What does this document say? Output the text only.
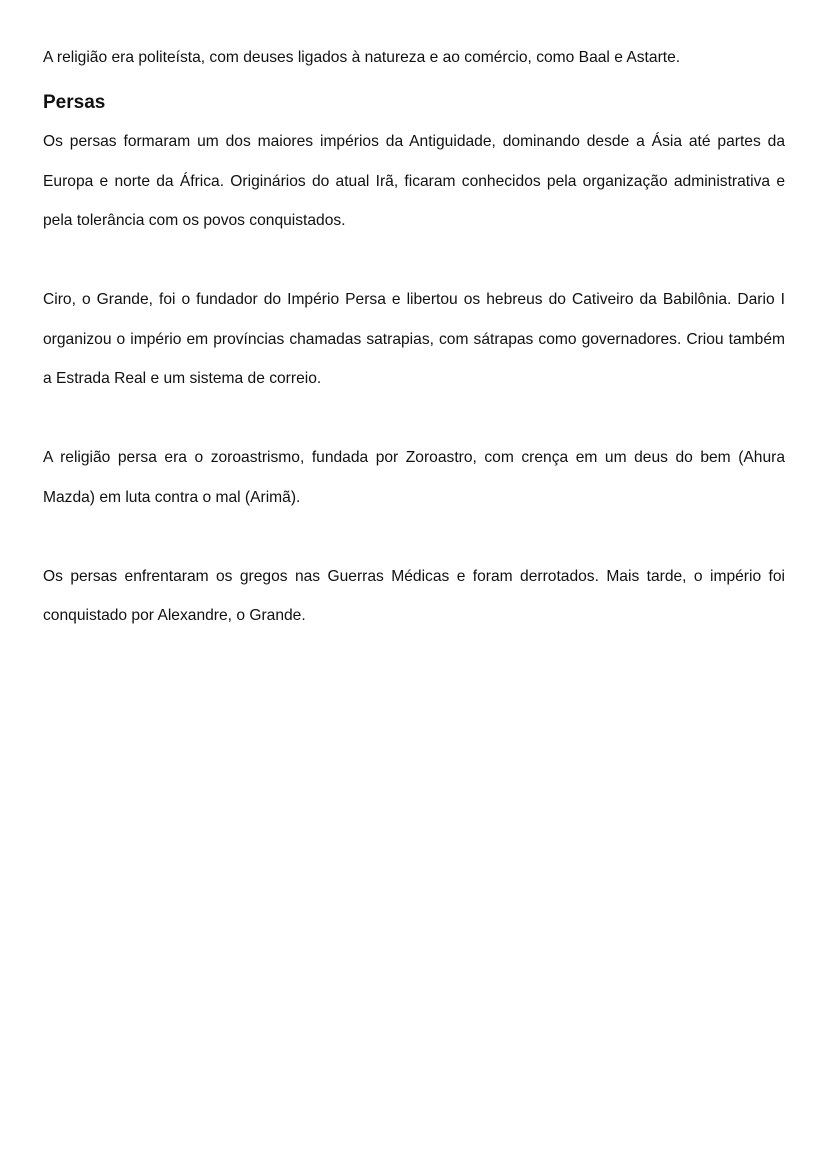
A religião era politeísta, com deuses ligados à natureza e ao comércio, como Baal e Astarte.

Persas

Os persas formaram um dos maiores impérios da Antiguidade, dominando desde a Ásia até partes da Europa e norte da África. Originários do atual Irã, ficaram conhecidos pela organização administrativa e pela tolerância com os povos conquistados.

Ciro, o Grande, foi o fundador do Império Persa e libertou os hebreus do Cativeiro da Babilônia. Dario I organizou o império em províncias chamadas satrapias, com sátrapas como governadores. Criou também a Estrada Real e um sistema de correio.

A religião persa era o zoroastrismo, fundada por Zoroastro, com crença em um deus do bem (Ahura Mazda) em luta contra o mal (Arimã).

Os persas enfrentaram os gregos nas Guerras Médicas e foram derrotados. Mais tarde, o império foi conquistado por Alexandre, o Grande.
